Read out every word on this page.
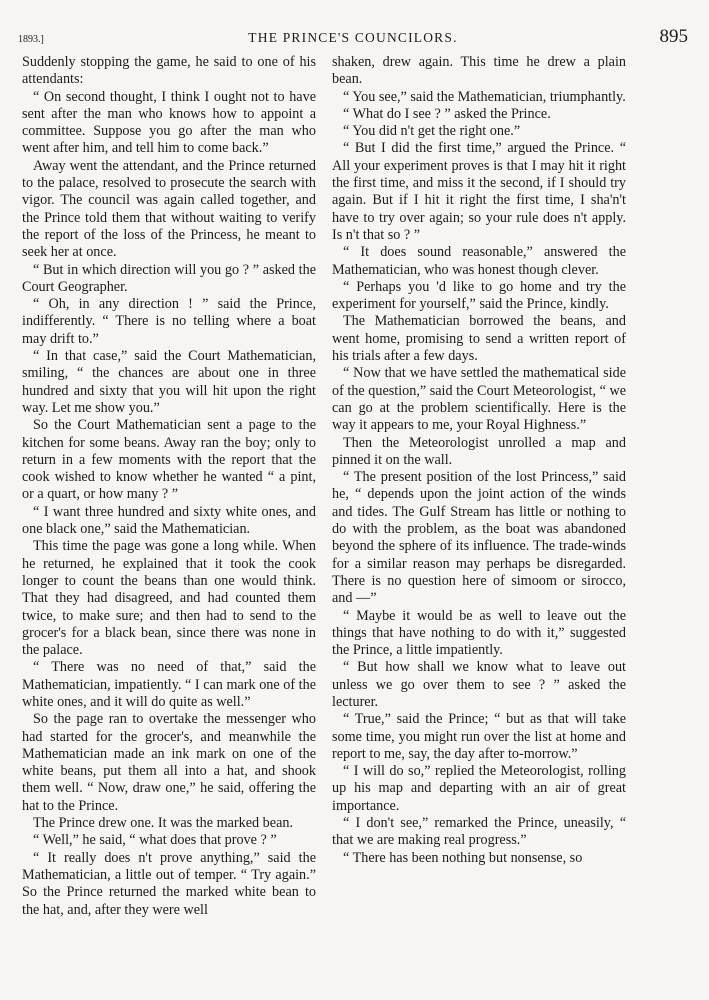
1893.]	THE PRINCE'S COUNCILORS.	895

Suddenly stopping the game, he said to one of his attendants:

“ On second thought, I think I ought not to have sent after the man who knows how to appoint a committee. Suppose you go after the man who went after him, and tell him to come back.”

Away went the attendant, and the Prince returned to the palace, resolved to prosecute the search with vigor. The council was again called together, and the Prince told them that without waiting to verify the report of the loss of the Princess, he meant to seek her at once.

“ But in which direction will you go ? ” asked the Court Geographer.

“ Oh, in any direction ! ” said the Prince, indifferently. “ There is no telling where a boat may drift to.”

“ In that case,” said the Court Mathematician, smiling, “ the chances are about one in three hundred and sixty that you will hit upon the right way. Let me show you.”

So the Court Mathematician sent a page to the kitchen for some beans. Away ran the boy; only to return in a few moments with the report that the cook wished to know whether he wanted “ a pint, or a quart, or how many ? ”

“ I want three hundred and sixty white ones, and one black one,” said the Mathematician.

This time the page was gone a long while. When he returned, he explained that it took the cook longer to count the beans than one would think. That they had disagreed, and had counted them twice, to make sure; and then had to send to the grocer's for a black bean, since there was none in the palace.

“ There was no need of that,” said the Mathematician, impatiently. “ I can mark one of the white ones, and it will do quite as well.”

So the page ran to overtake the messenger who had started for the grocer's, and meanwhile the Mathematician made an ink mark on one of the white beans, put them all into a hat, and shook them well. “ Now, draw one,” he said, offering the hat to the Prince.

The Prince drew one. It was the marked bean.

“ Well,” he said, “ what does that prove ? ”

“ It really does n't prove anything,” said the Mathematician, a little out of temper. “ Try again.” So the Prince returned the marked white bean to the hat, and, after they were well

shaken, drew again. This time he drew a plain bean.

“ You see,” said the Mathematician, triumphantly.

“ What do I see ? ” asked the Prince.

“ You did n't get the right one.”

“ But I did the first time,” argued the Prince. “ All your experiment proves is that I may hit it right the first time, and miss it the second, if I should try again. But if I hit it right the first time, I sha'n't have to try over again; so your rule does n't apply. Is n't that so ? ”

“ It does sound reasonable,” answered the Mathematician, who was honest though clever.

“ Perhaps you 'd like to go home and try the experiment for yourself,” said the Prince, kindly.

The Mathematician borrowed the beans, and went home, promising to send a written report of his trials after a few days.

“ Now that we have settled the mathematical side of the question,” said the Court Meteorologist, “ we can go at the problem scientifically. Here is the way it appears to me, your Royal Highness.”

Then the Meteorologist unrolled a map and pinned it on the wall.

“ The present position of the lost Princess,” said he, “ depends upon the joint action of the winds and tides. The Gulf Stream has little or nothing to do with the problem, as the boat was abandoned beyond the sphere of its influence. The trade-winds for a similar reason may perhaps be disregarded. There is no question here of simoom or sirocco, and —”

“ Maybe it would be as well to leave out the things that have nothing to do with it,” suggested the Prince, a little impatiently.

“ But how shall we know what to leave out unless we go over them to see ? ” asked the lecturer.

“ True,” said the Prince; “ but as that will take some time, you might run over the list at home and report to me, say, the day after to-morrow.”

“ I will do so,” replied the Meteorologist, rolling up his map and departing with an air of great importance.

“ I don't see,” remarked the Prince, uneasily, “ that we are making real progress.”

“ There has been nothing but nonsense, so
